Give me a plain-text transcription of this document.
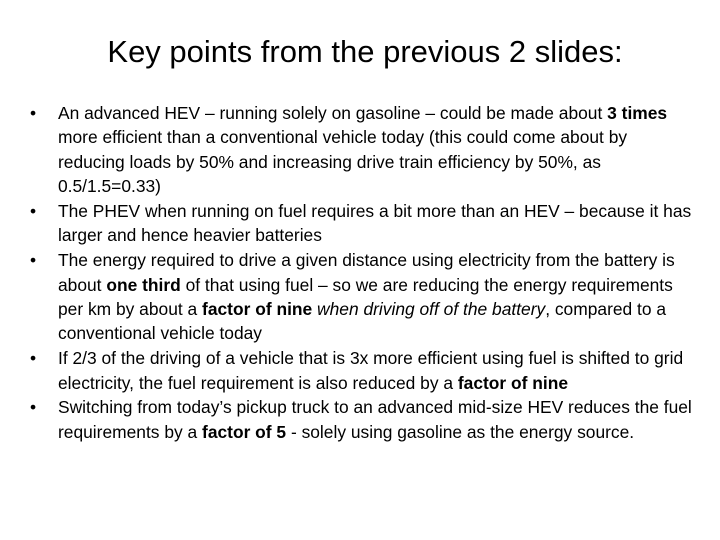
Key points from the previous 2 slides:
•	An advanced HEV – running solely on gasoline – could be made about 3 times more efficient than a conventional vehicle today (this could come about by reducing loads by 50% and increasing drive train efficiency by 50%, as 0.5/1.5=0.33)
•	The PHEV when running on fuel requires a bit more than an HEV – because it has larger and hence heavier batteries
•	The energy required to drive a given distance using electricity from the battery is about one third of that using fuel – so we are reducing the energy requirements per km by about a factor of nine when driving off of the battery, compared to a conventional vehicle today
•	If 2/3 of the driving of a vehicle that is 3x more efficient using fuel is shifted to grid electricity, the fuel requirement is also reduced by a factor of nine
•	Switching from today’s pickup truck to an advanced mid-size HEV reduces the fuel requirements by a factor of 5 - solely using gasoline as the energy source.
